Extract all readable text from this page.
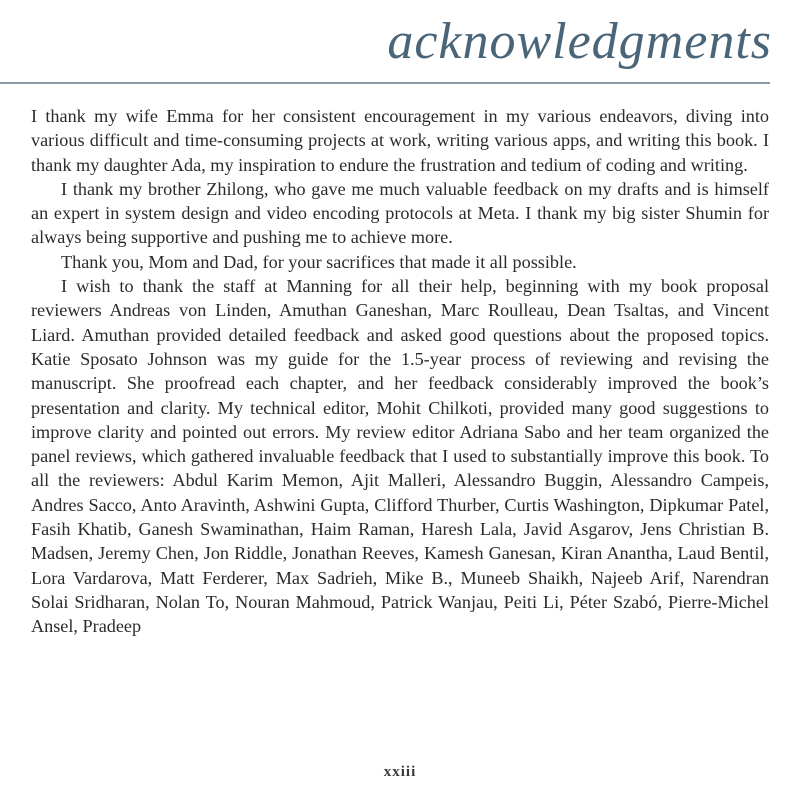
acknowledgments

I thank my wife Emma for her consistent encouragement in my various endeavors, diving into various difficult and time-consuming projects at work, writing various apps, and writing this book. I thank my daughter Ada, my inspiration to endure the frustration and tedium of coding and writing.

I thank my brother Zhilong, who gave me much valuable feedback on my drafts and is himself an expert in system design and video encoding protocols at Meta. I thank my big sister Shumin for always being supportive and pushing me to achieve more.

Thank you, Mom and Dad, for your sacrifices that made it all possible.

I wish to thank the staff at Manning for all their help, beginning with my book proposal reviewers Andreas von Linden, Amuthan Ganeshan, Marc Roulleau, Dean Tsaltas, and Vincent Liard. Amuthan provided detailed feedback and asked good questions about the proposed topics. Katie Sposato Johnson was my guide for the 1.5-year process of reviewing and revising the manuscript. She proofread each chapter, and her feedback considerably improved the book’s presentation and clarity. My technical editor, Mohit Chilkoti, provided many good suggestions to improve clarity and pointed out errors. My review editor Adriana Sabo and her team organized the panel reviews, which gathered invaluable feedback that I used to substantially improve this book. To all the reviewers: Abdul Karim Memon, Ajit Malleri, Alessandro Buggin, Alessandro Campeis, Andres Sacco, Anto Aravinth, Ashwini Gupta, Clifford Thurber, Curtis Washington, Dipkumar Patel, Fasih Khatib, Ganesh Swaminathan, Haim Raman, Haresh Lala, Javid Asgarov, Jens Christian B. Madsen, Jeremy Chen, Jon Riddle, Jonathan Reeves, Kamesh Ganesan, Kiran Anantha, Laud Bentil, Lora Vardarova, Matt Ferderer, Max Sadrieh, Mike B., Muneeb Shaikh, Najeeb Arif, Narendran Solai Sridharan, Nolan To, Nouran Mahmoud, Patrick Wanjau, Peiti Li, Péter Szabó, Pierre-Michel Ansel, Pradeep

xxiii
